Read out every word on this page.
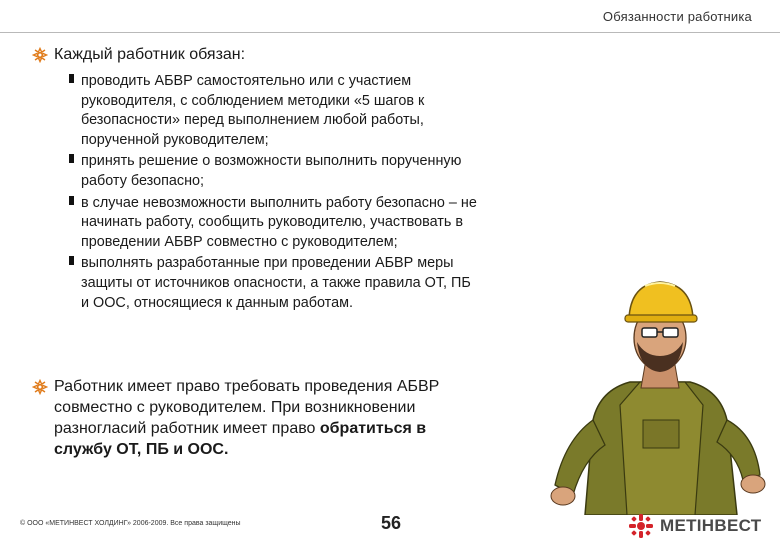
Обязанности работника
Каждый работник обязан:
проводить АБВР самостоятельно или с участием
руководителя, с соблюдением методики «5 шагов к
безопасности» перед выполнением любой работы,
порученной руководителем;
принять решение о возможности выполнить порученную
работу безопасно;
в случае невозможности выполнить работу безопасно – не
начинать работу, сообщить руководителю, участвовать в
проведении АБВР совместно с руководителем;
выполнять разработанные при проведении АБВР меры
защиты от источников опасности, а также правила ОТ, ПБ
и ООС, относящиеся к данным работам.
Работник имеет право требовать проведения АБВР
совместно с руководителем. При возникновении
разногласий работник имеет право обратиться в
службу ОТ, ПБ и ООС.
© ООО «МЕТИНВЕСТ ХОЛДИНГ» 2006-2009. Все права защищены	56	МЕТІНВЕСТ
